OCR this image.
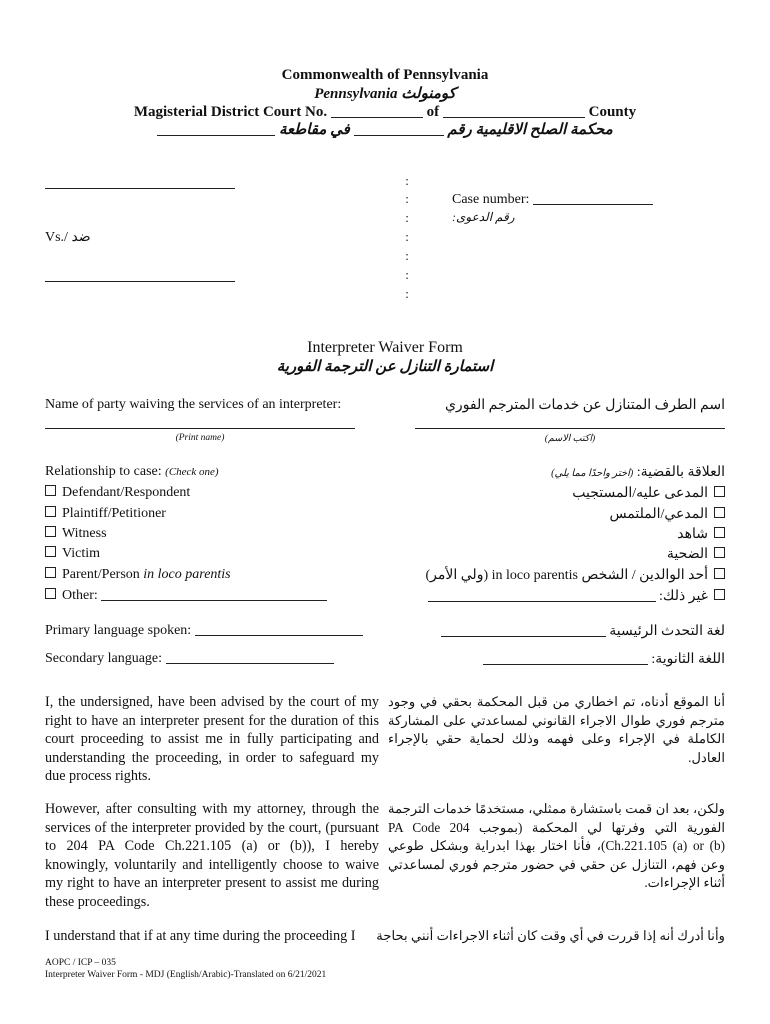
Commonwealth of Pennsylvania
Pennsylvania كومنولث
Magisterial District Court No.	of	County
محكمة الصلح الاقليمية رقم  في مقاطعة
Vs./ ضد
:
:
:
:
:
:
:
Case number:
رقم الدعوى:
Interpreter Waiver Form
استمارة التنازل عن الترجمة الفورية
Name of party waiving the services of an interpreter:	اسم الطرف المتنازل عن خدمات المترجم الفوري
(Print name)	(اكتب الاسم)
Relationship to case: (Check one)
Defendant/Respondent
Plaintiff/Petitioner
Witness
Victim
Parent/Person in loco parentis
Other:
العلاقة بالقضية: (اختر واحدًا مما يلي)
المدعى عليه/المستجيب
المدعي/الملتمس
شاهد
الضحية
أحد الوالدين / الشخص in loco parentis (ولي الأمر)
غير ذلك:
Primary language spoken:
Secondary language:
لغة التحدث الرئيسية
اللغة الثانوية:
I, the undersigned, have been advised by the court of my right to have an interpreter present for the duration of this court proceeding to assist me in fully participating and understanding the proceeding, in order to safeguard my due process rights.
أنا الموقع أدناه، تم اخطاري من قبل المحكمة بحقي في وجود مترجم فوري طوال الاجراء القانوني لمساعدتي على المشاركة الكاملة في الإجراء وعلى فهمه وذلك لحماية حقي بالإجراء العادل.
However, after consulting with my attorney, through the services of the interpreter provided by the court, (pursuant to 204 PA Code Ch.221.105 (a) or (b)), I hereby knowingly, voluntarily and intelligently choose to waive my right to have an interpreter present to assist me during these proceedings.
ولكن، بعد ان قمت باستشارة ممثلي، مستخدمًا خدمات الترجمة الفورية التي وفرتها لي المحكمة (بموجب 204 PA Code Ch.221.105 (a) or (b))، فأنا اختار بهذا ابدراية وبشكل طوعي وعن فهم، التنازل عن حقي في حضور مترجم فوري لمساعدتي أثناء الإجراءات.
I understand that if at any time during the proceeding I	وأنا أدرك أنه إذا قررت في أي وقت كان أثناء الاجراءات أنني بحاجة
AOPC / ICP – 035
Interpreter Waiver Form - MDJ (English/Arabic)-Translated on 6/21/2021
